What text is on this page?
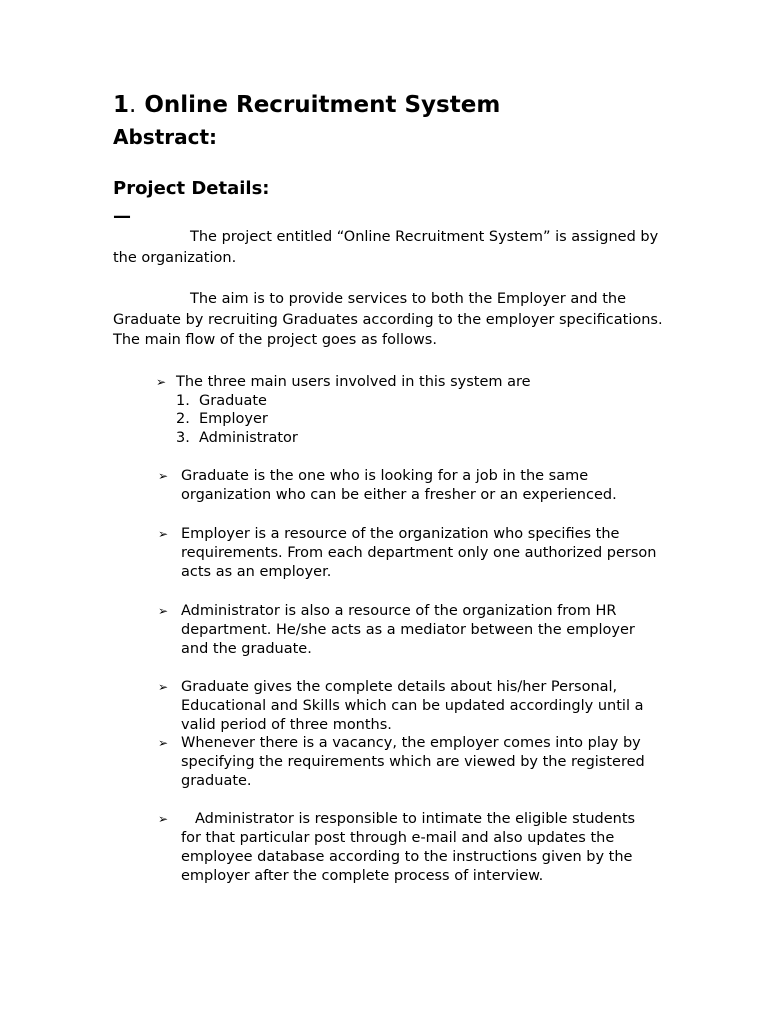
1. Online Recruitment System
Abstract:
Project Details:
—
The project entitled “Online Recruitment System” is assigned by the organization.
The aim is to provide services to both the Employer and the Graduate by recruiting Graduates according to the employer specifications. The main flow of the project goes as follows.
➢ The three main users involved in this system are
1. Graduate
2. Employer
3. Administrator
➢ Graduate is the one who is looking for a job in the same organization who can be either a fresher or an experienced.
➢ Employer is a resource of the organization who specifies the requirements. From each department only one authorized person acts as an employer.
➢ Administrator is also a resource of the organization from HR department. He/she acts as a mediator between the employer and the graduate.
➢ Graduate gives the complete details about his/her Personal, Educational and Skills which can be updated accordingly until a valid period of three months.
➢ Whenever there is a vacancy, the employer comes into play by specifying the requirements which are viewed by the registered graduate.
➢	Administrator is responsible to intimate the eligible students for that particular post through e-mail and also updates the employee database according to the instructions given by the employer after the complete process of interview.
